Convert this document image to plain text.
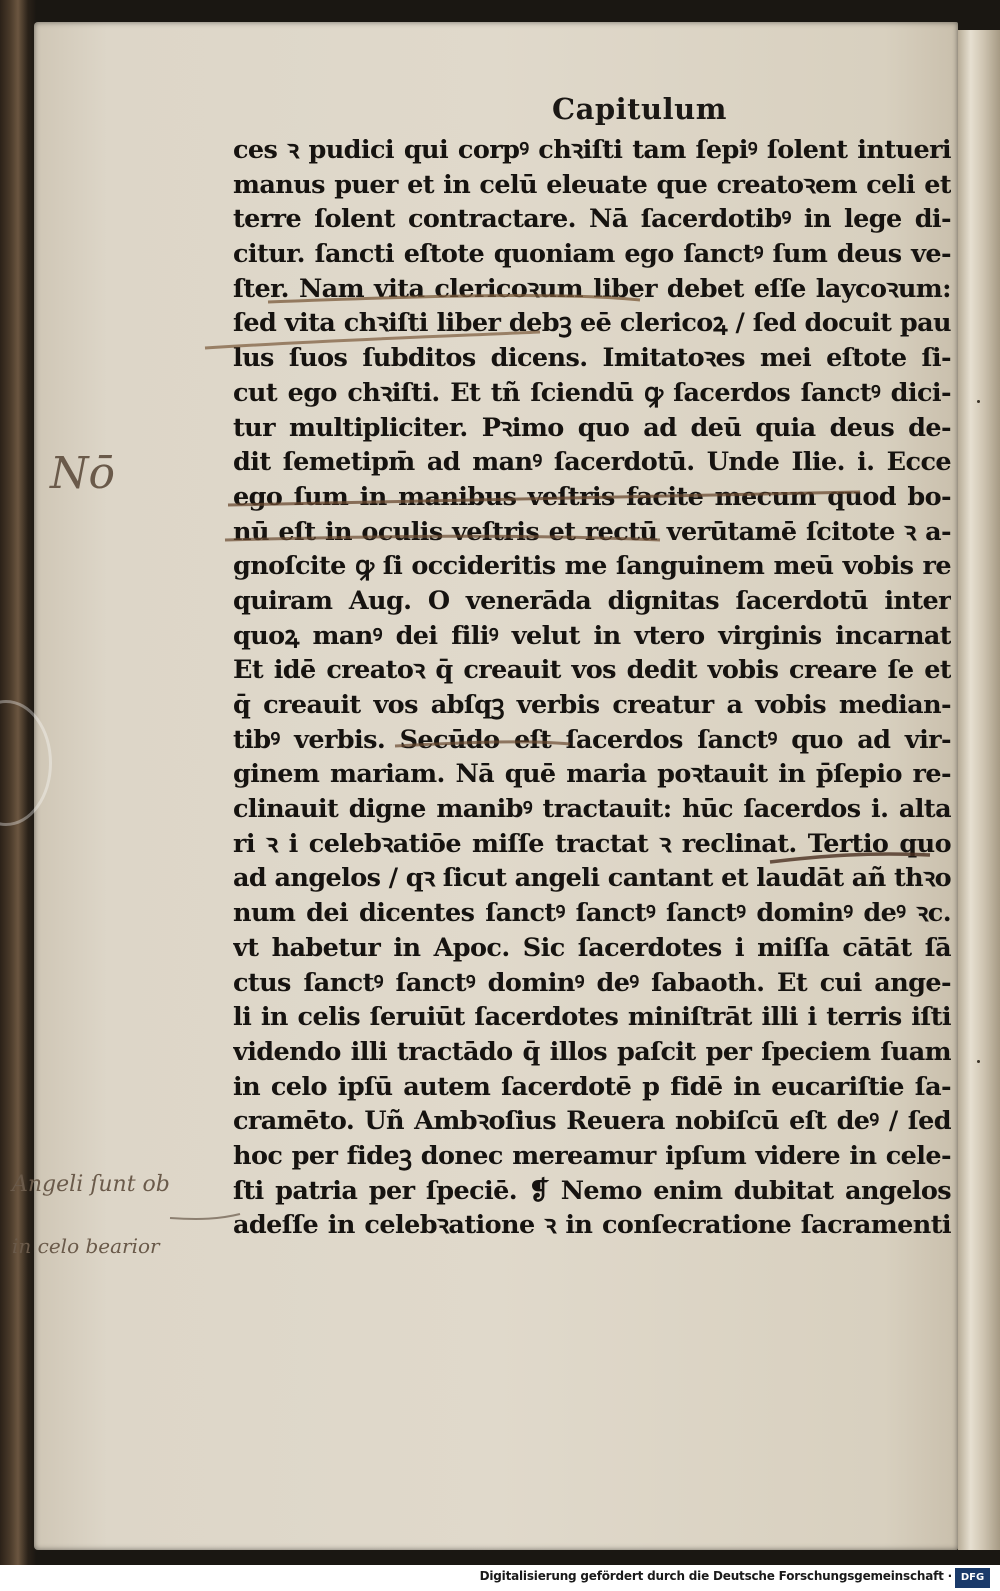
Capitulum
ces ꝛ pudici qui corpꝰ chꝛiſti tam ſepiꝰ ſolent intueri
manus puer et in celū eleuate que creatoꝛem celi et
terre ſolent contractare. Nā ſacerdotibꝰ in lege di-
citur. ſancti eſtote quoniam ego ſanctꝰ ſum deus ve-
ſter. Nam vita clericoꝛum liber debet eſſe laycoꝛum:
ſed vita chꝛiſti liber debꝫ eē clericoꝝ / ſed docuit pau
lus ſuos ſubditos dicens. Imitatoꝛes mei eſtote ſi-
cut ego chꝛiſti. Et tñ ſciendū ꝙ ſacerdos ſanctꝰ dici-
tur multipliciter. Pꝛimo quo ad deū quia deus de-
dit ſemetipm̄ ad manꝰ ſacerdotū. Unde Ilie. i. Ecce
ego ſum in manibus veſtris facite mecum quod bo-
nū eſt in oculis veſtris et rectū verūtamē ſcitote ꝛ a-
gnoſcite ꝙ ſi occideritis me ſanguinem meū vobis re
quiram Aug. O venerāda dignitas ſacerdotū inter
quoꝝ manꝰ dei filiꝰ velut in vtero virginis incarnat
Et idē creatoꝛ q̄ creauit vos dedit vobis creare ſe et
q̄ creauit vos abſqꝫ verbis creatur a vobis median-
tibꝰ verbis. Secūdo eſt ſacerdos ſanctꝰ quo ad vir-
ginem mariam. Nā quē maria poꝛtauit in p̄ſepio re-
clinauit digne manibꝰ tractauit: hūc ſacerdos i. alta
ri ꝛ i celebꝛatiōe miſſe tractat ꝛ reclinat. Tertio quo
ad angelos / qꝛ ſicut angeli cantant et laudāt añ thꝛo
num dei dicentes ſanctꝰ ſanctꝰ ſanctꝰ dominꝰ deꝰ ꝛc.
vt habetur in Apoc. Sic ſacerdotes i miſſa cātāt ſā
ctus ſanctꝰ ſanctꝰ dominꝰ deꝰ ſabaoth. Et cui ange-
li in celis ſeruiūt ſacerdotes miniſtrāt illi i terris iſti
videndo illi tractādo q̄ illos paſcit per ſpeciem ſuam
in celo ipſū autem ſacerdotē p fidē in eucariſtie ſa-
cramēto. Uñ Ambꝛoſius Reuera nobiſcū eſt deꝰ / ſed
hoc per fideꝫ donec mereamur ipſum videre in cele-
ſti patria per ſpeciē. ❡ Nemo enim dubitat angelos
adeſſe in celebꝛatione ꝛ in conſecratione ſacramenti
Nō
Angeli ſunt ob
in celo bearior
Digitalisierung gefördert durch die Deutsche Forschungsgemeinschaft · DFG
